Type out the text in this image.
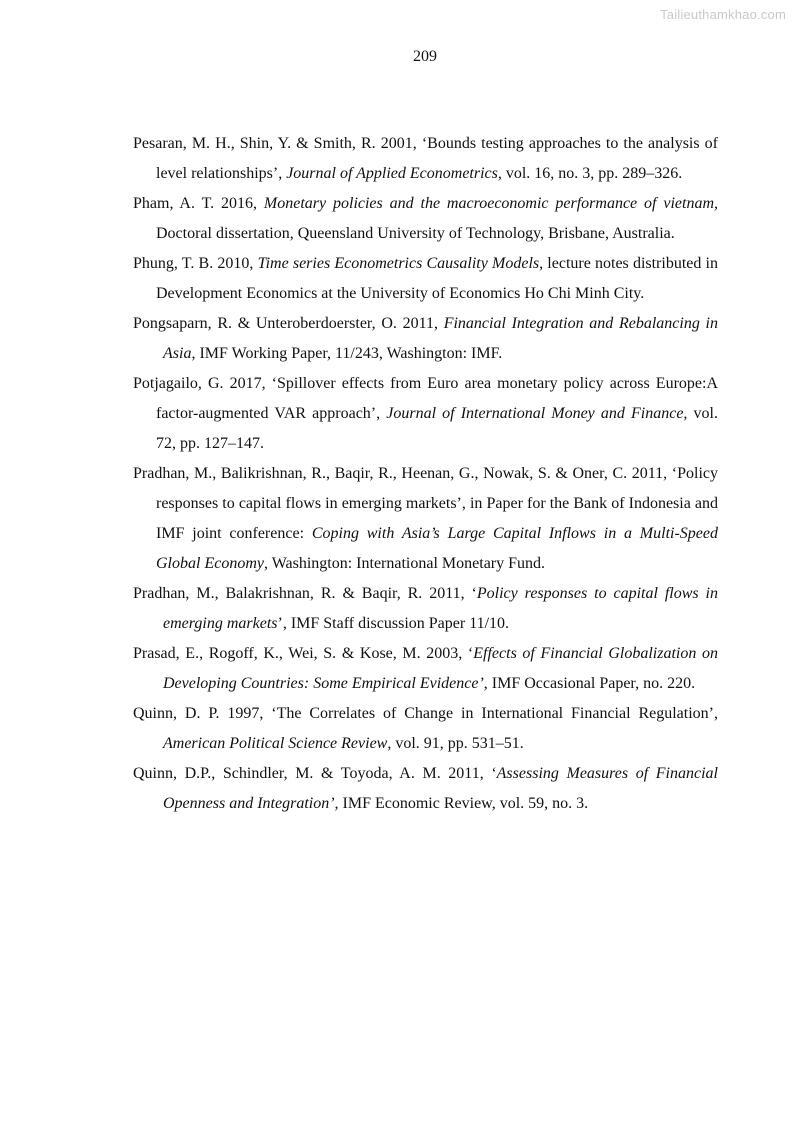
Tailieuthamkhao.com
209

Pesaran, M. H., Shin, Y. & Smith, R. 2001, ‘Bounds testing approaches to the analysis of level relationships’, Journal of Applied Econometrics, vol. 16, no. 3, pp. 289–326.

Pham, A. T. 2016, Monetary policies and the macroeconomic performance of vietnam, Doctoral dissertation, Queensland University of Technology, Brisbane, Australia.

Phung, T. B. 2010, Time series Econometrics Causality Models, lecture notes distributed in Development Economics at the University of Economics Ho Chi Minh City.

Pongsaparn, R. & Unteroberdoerster, O. 2011, Financial Integration and Rebalancing in Asia, IMF Working Paper, 11/243, Washington: IMF.

Potjagailo, G. 2017, ‘Spillover effects from Euro area monetary policy across Europe:A factor-augmented VAR approach’, Journal of International Money and Finance, vol. 72, pp. 127–147.

Pradhan, M., Balikrishnan, R., Baqir, R., Heenan, G., Nowak, S. & Oner, C. 2011, ‘Policy responses to capital flows in emerging markets’, in Paper for the Bank of Indonesia and IMF joint conference: Coping with Asia’s Large Capital Inflows in a Multi-Speed Global Economy, Washington: International Monetary Fund.

Pradhan, M., Balakrishnan, R. & Baqir, R. 2011, ‘Policy responses to capital flows in emerging markets’, IMF Staff discussion Paper 11/10.

Prasad, E., Rogoff, K., Wei, S. & Kose, M. 2003, ‘Effects of Financial Globalization on Developing Countries: Some Empirical Evidence’, IMF Occasional Paper, no. 220.

Quinn, D. P. 1997, ‘The Correlates of Change in International Financial Regulation’, American Political Science Review, vol. 91, pp. 531–51.

Quinn, D.P., Schindler, M. & Toyoda, A. M. 2011, ‘Assessing Measures of Financial Openness and Integration’, IMF Economic Review, vol. 59, no. 3.
